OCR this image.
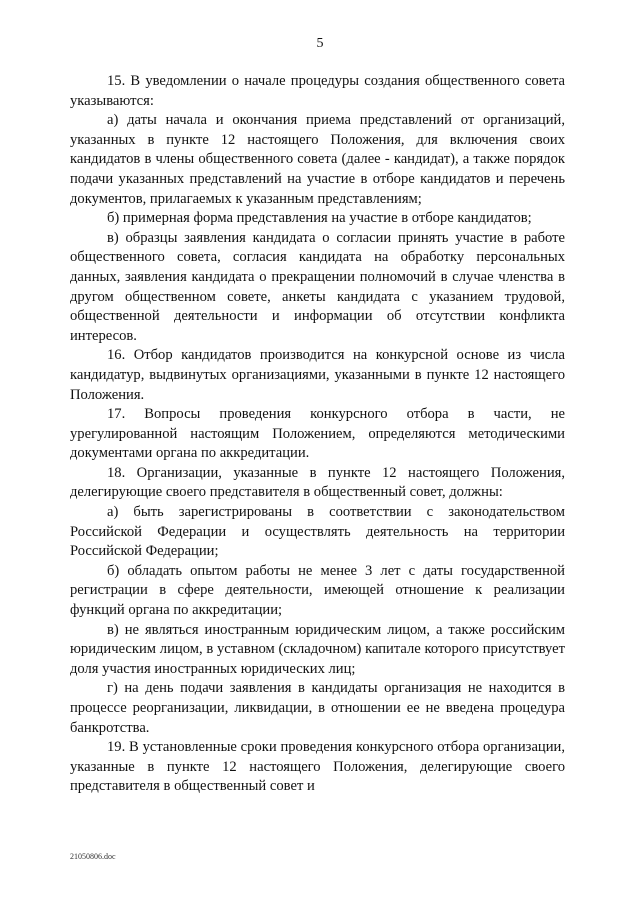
5

15. В уведомлении о начале процедуры создания общественного совета указываются:

а) даты начала и окончания приема представлений от организаций, указанных в пункте 12 настоящего Положения, для включения своих кандидатов в члены общественного совета (далее - кандидат), а также порядок подачи указанных представлений на участие в отборе кандидатов и перечень документов, прилагаемых к указанным представлениям;

б) примерная форма представления на участие в отборе кандидатов;

в) образцы заявления кандидата о согласии принять участие в работе общественного совета, согласия кандидата на обработку персональных данных, заявления кандидата о прекращении полномочий в случае членства в другом общественном совете, анкеты кандидата с указанием трудовой, общественной деятельности и информации об отсутствии конфликта интересов.

16. Отбор кандидатов производится на конкурсной основе из числа кандидатур, выдвинутых организациями, указанными в пункте 12 настоящего Положения.

17. Вопросы проведения конкурсного отбора в части, не урегулированной настоящим Положением, определяются методическими документами органа по аккредитации.

18. Организации, указанные в пункте 12 настоящего Положения, делегирующие своего представителя в общественный совет, должны:

а) быть зарегистрированы в соответствии с законодательством Российской Федерации и осуществлять деятельность на территории Российской Федерации;

б) обладать опытом работы не менее 3 лет с даты государственной регистрации в сфере деятельности, имеющей отношение к реализации функций органа по аккредитации;

в) не являться иностранным юридическим лицом, а также российским юридическим лицом, в уставном (складочном) капитале которого присутствует доля участия иностранных юридических лиц;

г) на день подачи заявления в кандидаты организация не находится в процессе реорганизации, ликвидации, в отношении ее не введена процедура банкротства.

19. В установленные сроки проведения конкурсного отбора организации, указанные в пункте 12 настоящего Положения, делегирующие своего представителя в общественный совет и

21050806.doc
